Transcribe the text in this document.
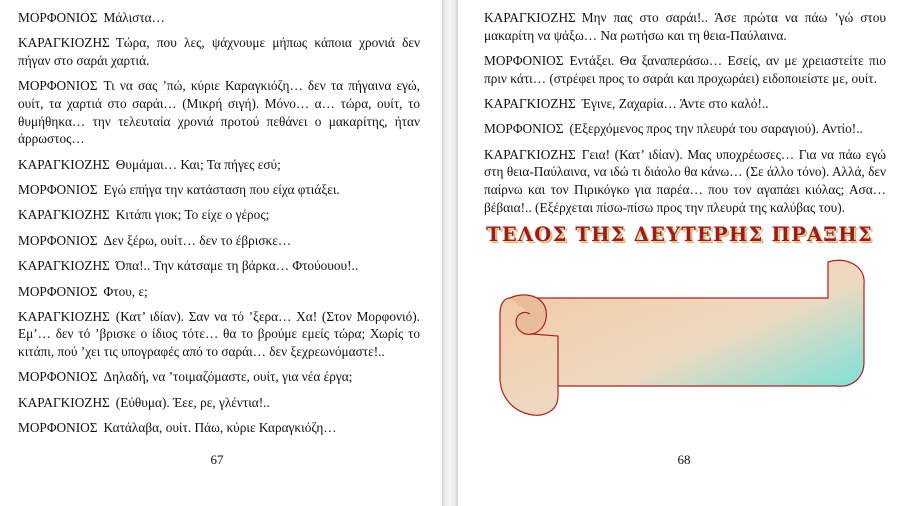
ΜΟΡΦΟΝΙΟΣ Μάλιστα…

ΚΑΡΑΓΚΙΟΖΗΣ Τώρα, που λες, ψάχνουμε μήπως κάποια χρονιά δεν πήγαν στο σαράι χαρτιά.

ΜΟΡΦΟΝΙΟΣ Τι να σας ’πώ, κύριε Καραγκιόζη… δεν τα πήγαινα εγώ, ουίτ, τα χαρτιά στο σαράι… (Μικρή σιγή). Μόνο… α… τώρα, ουίτ, το θυμήθηκα… την τελευταία χρονιά προτού πεθάνει ο μακαρίτης, ήταν άρρωστος…

ΚΑΡΑΓΚΙΟΖΗΣ Θυμάμαι… Και; Τα πήγες εσύ;

ΜΟΡΦΟΝΙΟΣ Εγώ επήγα την κατάσταση που είχα φτιάξει.

ΚΑΡΑΓΚΙΟΖΗΣ Κιτάπι γιοκ; Το είχε ο γέρος;

ΜΟΡΦΟΝΙΟΣ Δεν ξέρω, ουίτ… δεν το έβρισκε…

ΚΑΡΑΓΚΙΟΖΗΣ Όπα!.. Την κάτσαμε τη βάρκα… Φτούουου!..

ΜΟΡΦΟΝΙΟΣ Φτου, ε;

ΚΑΡΑΓΚΙΟΖΗΣ (Κατ’ ιδίαν). Σαν να τό ’ξερα… Χα! (Στον Μορφονιό). Εμ’… δεν τό ’βρισκε ο ίδιος τότε… θα το βρούμε εμείς τώρα; Χωρίς το κιτάπι, πού ’χει τις υπογραφές από το σαράι… δεν ξεχρεωνόμαστε!..

ΜΟΡΦΟΝΙΟΣ Δηλαδή, να ’τοιμαζόμαστε, ουίτ, για νέα έργα;

ΚΑΡΑΓΚΙΟΖΗΣ (Εύθυμα). Έεε, ρε, γλέντια!..

ΜΟΡΦΟΝΙΟΣ Κατάλαβα, ουίτ. Πάω, κύριε Καραγκιόζη…

67

ΚΑΡΑΓΚΙΟΖΗΣ Μην πας στο σαράι!.. Άσε πρώτα να πάω ’γώ στου μακαρίτη να ψάξω… Να ρωτήσω και τη θεια-Παύλαινα.

ΜΟΡΦΟΝΙΟΣ Εντάξει. Θα ξαναπεράσω… Εσείς, αν με χρειαστείτε πιο πριν κάτι… (στρέφει προς το σαράι και προχωράει) ειδοποιείστε με, ουίτ.

ΚΑΡΑΓΚΙΟΖΗΣ Έγινε, Ζαχαρία… Άντε στο καλό!..

ΜΟΡΦΟΝΙΟΣ (Εξερχόμενος προς την πλευρά του σαραγιού). Αντίο!..

ΚΑΡΑΓΚΙΟΖΗΣ Γεια! (Κατ’ ιδίαν). Μας υποχρέωσες… Για να πάω εγώ στη θεια-Παύλαινα, να ιδώ τι διάολο θα κάνω… (Σε άλλο τόνο). Αλλά, δεν παίρνω και τον Πιρικόγκο για παρέα… που τον αγαπάει κιόλας; Ασα… βέβαια!.. (Εξέρχεται πίσω-πίσω προς την πλευρά της καλύβας του).

ΤΕΛΟΣ ΤΗΣ ΔΕΥΤΕΡΗΣ ΠΡΑΞΗΣ
68
